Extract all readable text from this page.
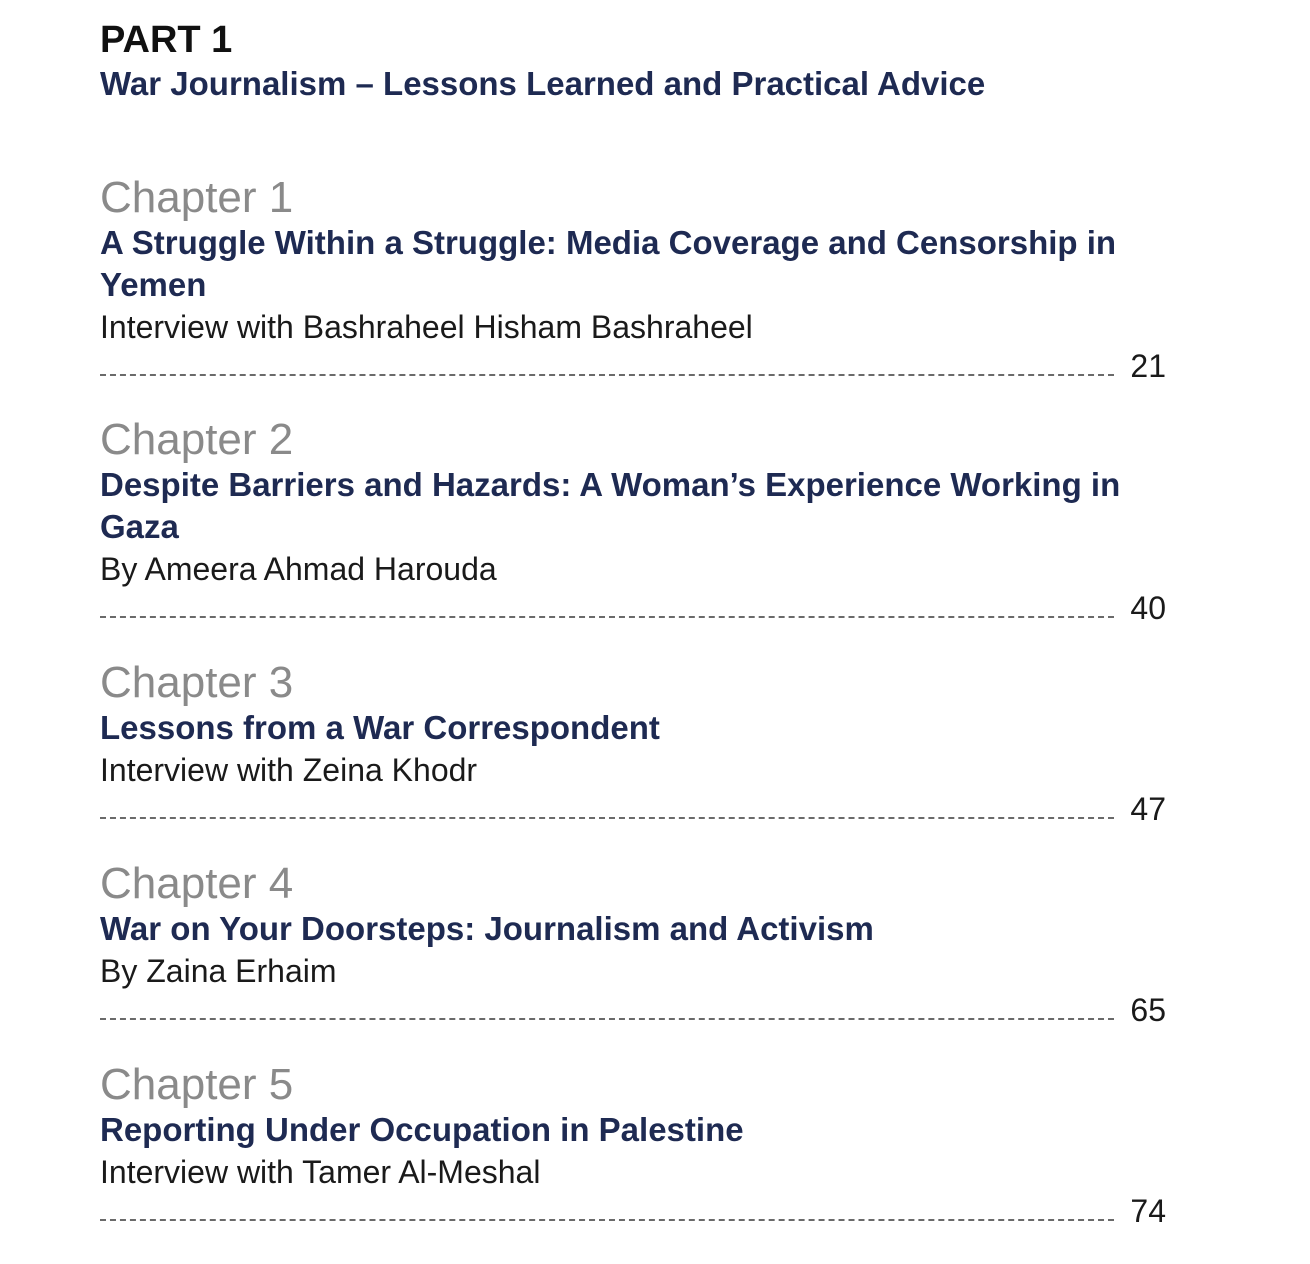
PART 1
War Journalism – Lessons Learned and Practical Advice
Chapter 1
A Struggle Within a Struggle: Media Coverage and Censorship in Yemen
Interview with Bashraheel Hisham Bashraheel
21
Chapter 2
Despite Barriers and Hazards: A Woman’s Experience Working in Gaza
By Ameera Ahmad Harouda
40
Chapter 3
Lessons from a War Correspondent
Interview with Zeina Khodr
47
Chapter 4
War on Your Doorsteps: Journalism and Activism
By Zaina Erhaim
65
Chapter 5
Reporting Under Occupation in Palestine
Interview with Tamer Al-Meshal
74
